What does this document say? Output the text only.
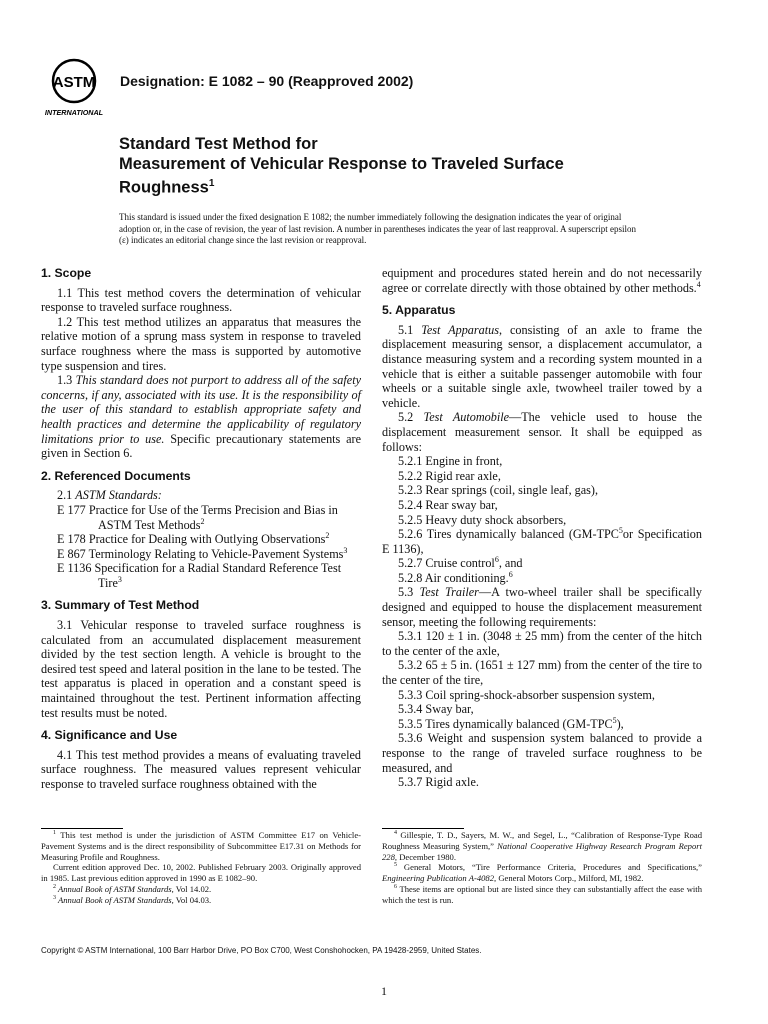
ASTM
INTERNATIONAL
Designation: E 1082 – 90 (Reapproved 2002)

Standard Test Method for

Measurement of Vehicular Response to Traveled Surface

Roughness$^1$

This standard is issued under the fixed designation E 1082; the number immediately following the designation indicates the year of original adoption or, in the case of revision, the year of last revision. A number in parentheses indicates the year of last reapproval. A superscript epsilon (ε) indicates an editorial change since the last revision or reapproval.
1. Scope

1.1 This test method covers the determination of vehicular response to traveled surface roughness.

1.2 This test method utilizes an apparatus that measures the relative motion of a sprung mass system in response to traveled surface roughness where the mass is supported by automotive type suspension and tires.

1.3 This standard does not purport to address all of the safety concerns, if any, associated with its use. It is the responsibility of the user of this standard to establish appropriate safety and health practices and determine the applicability of regulatory limitations prior to use. Specific precautionary statements are given in Section 6.

2. Referenced Documents

2.1 ASTM Standards:

E 177 Practice for Use of the Terms Precision and Bias in ASTM Test Methods$^2$

E 178 Practice for Dealing with Outlying Observations$^2$

E 867 Terminology Relating to Vehicle-Pavement Systems$^3$

E 1136 Specification for a Radial Standard Reference Test Tire$^3$

3. Summary of Test Method

3.1 Vehicular response to traveled surface roughness is calculated from an accumulated displacement measurement divided by the test section length. A vehicle is brought to the desired test speed and lateral position in the lane to be tested. The test apparatus is placed in operation and a constant speed is maintained throughout the test. Pertinent information affecting test results must be noted.

4. Significance and Use

4.1 This test method provides a means of evaluating traveled surface roughness. The measured values represent vehicular response to traveled surface roughness obtained with the

equipment and procedures stated herein and do not necessarily agree or correlate directly with those obtained by other methods.$^4$

5. Apparatus

5.1 Test Apparatus, consisting of an axle to frame the displacement measuring sensor, a displacement accumulator, a distance measuring system and a recording system mounted in a vehicle that is either a suitable passenger automobile with four wheels or a suitable single axle, twowheel trailer towed by a vehicle.

5.2 Test Automobile—The vehicle used to house the displacement measurement sensor. It shall be equipped as follows:

5.2.1 Engine in front,

5.2.2 Rigid rear axle,

5.2.3 Rear springs (coil, single leaf, gas),

5.2.4 Rear sway bar,

5.2.5 Heavy duty shock absorbers,

5.2.6 Tires dynamically balanced (GM-TPC$^5$or Specification E 1136),

5.2.7 Cruise control$^6$, and

5.2.8 Air conditioning.$^6$

5.3 Test Trailer—A two-wheel trailer shall be specifically designed and equipped to house the displacement measurement sensor, meeting the following requirements:

5.3.1 120 ± 1 in. (3048 ± 25 mm) from the center of the hitch to the center of the axle,

5.3.2 65 ± 5 in. (1651 ± 127 mm) from the center of the tire to the center of the tire,

5.3.3 Coil spring-shock-absorber suspension system,

5.3.4 Sway bar,

5.3.5 Tires dynamically balanced (GM-TPC$^5$),

5.3.6 Weight and suspension system balanced to provide a response to the range of traveled surface roughness to be measured, and

5.3.7 Rigid axle.

$^1$ This test method is under the jurisdiction of ASTM Committee E17 on Vehicle-Pavement Systems and is the direct responsibility of Subcommittee E17.31 on Methods for Measuring Profile and Roughness.

Current edition approved Dec. 10, 2002. Published February 2003. Originally approved in 1985. Last previous edition approved in 1990 as E 1082–90.

$^2$ Annual Book of ASTM Standards, Vol 14.02.

$^3$ Annual Book of ASTM Standards, Vol 04.03.

$^4$ Gillespie, T. D., Sayers, M. W., and Segel, L., “Calibration of Response-Type Road Roughness Measuring System,” National Cooperative Highway Research Program Report 228, December 1980.

$^5$ General Motors, “Tire Performance Criteria, Procedures and Specifications,” Engineering Publication A-4082, General Motors Corp., Milford, MI, 1982.

$^6$ These items are optional but are listed since they can substantially affect the ease with which the test is run.

Copyright © ASTM International, 100 Barr Harbor Drive, PO Box C700, West Conshohocken, PA 19428-2959, United States.
1
